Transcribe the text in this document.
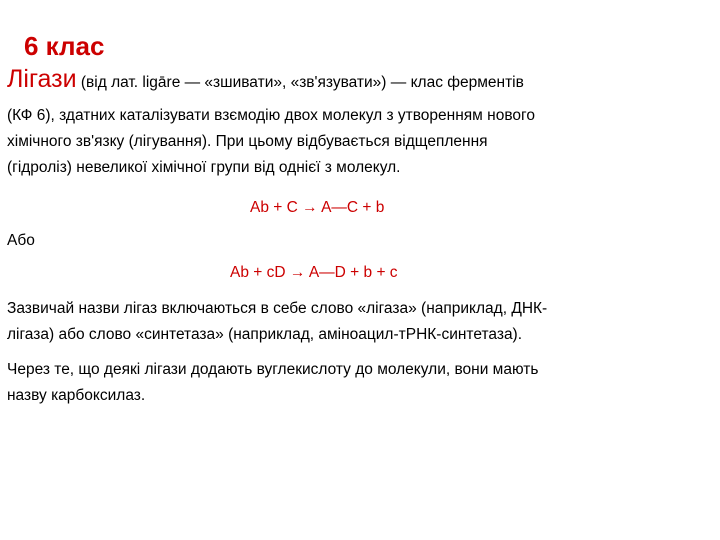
6 клас
Лігази (від лат. ligāre — «зшивати», «зв'язувати») — клас ферментів
(КФ 6), здатних каталізувати взємодію двох молекул з утворенням нового
хімічного зв'язку (лігування). При цьому відбувається відщеплення
(гідроліз) невеликої хімічної групи від однієї з молекул.
Ab + C → A—C + b
Або
Ab + cD → A—D + b + c
Зазвичай назви лігаз включаються в себе слово «лігаза» (наприклад, ДНК-
лігаза) або слово «синтетаза» (наприклад, аміноацил-тРНК-синтетаза).
Через те, що деякі лігази додають вуглекислоту до молекули, вони мають
назву карбоксилаз.
